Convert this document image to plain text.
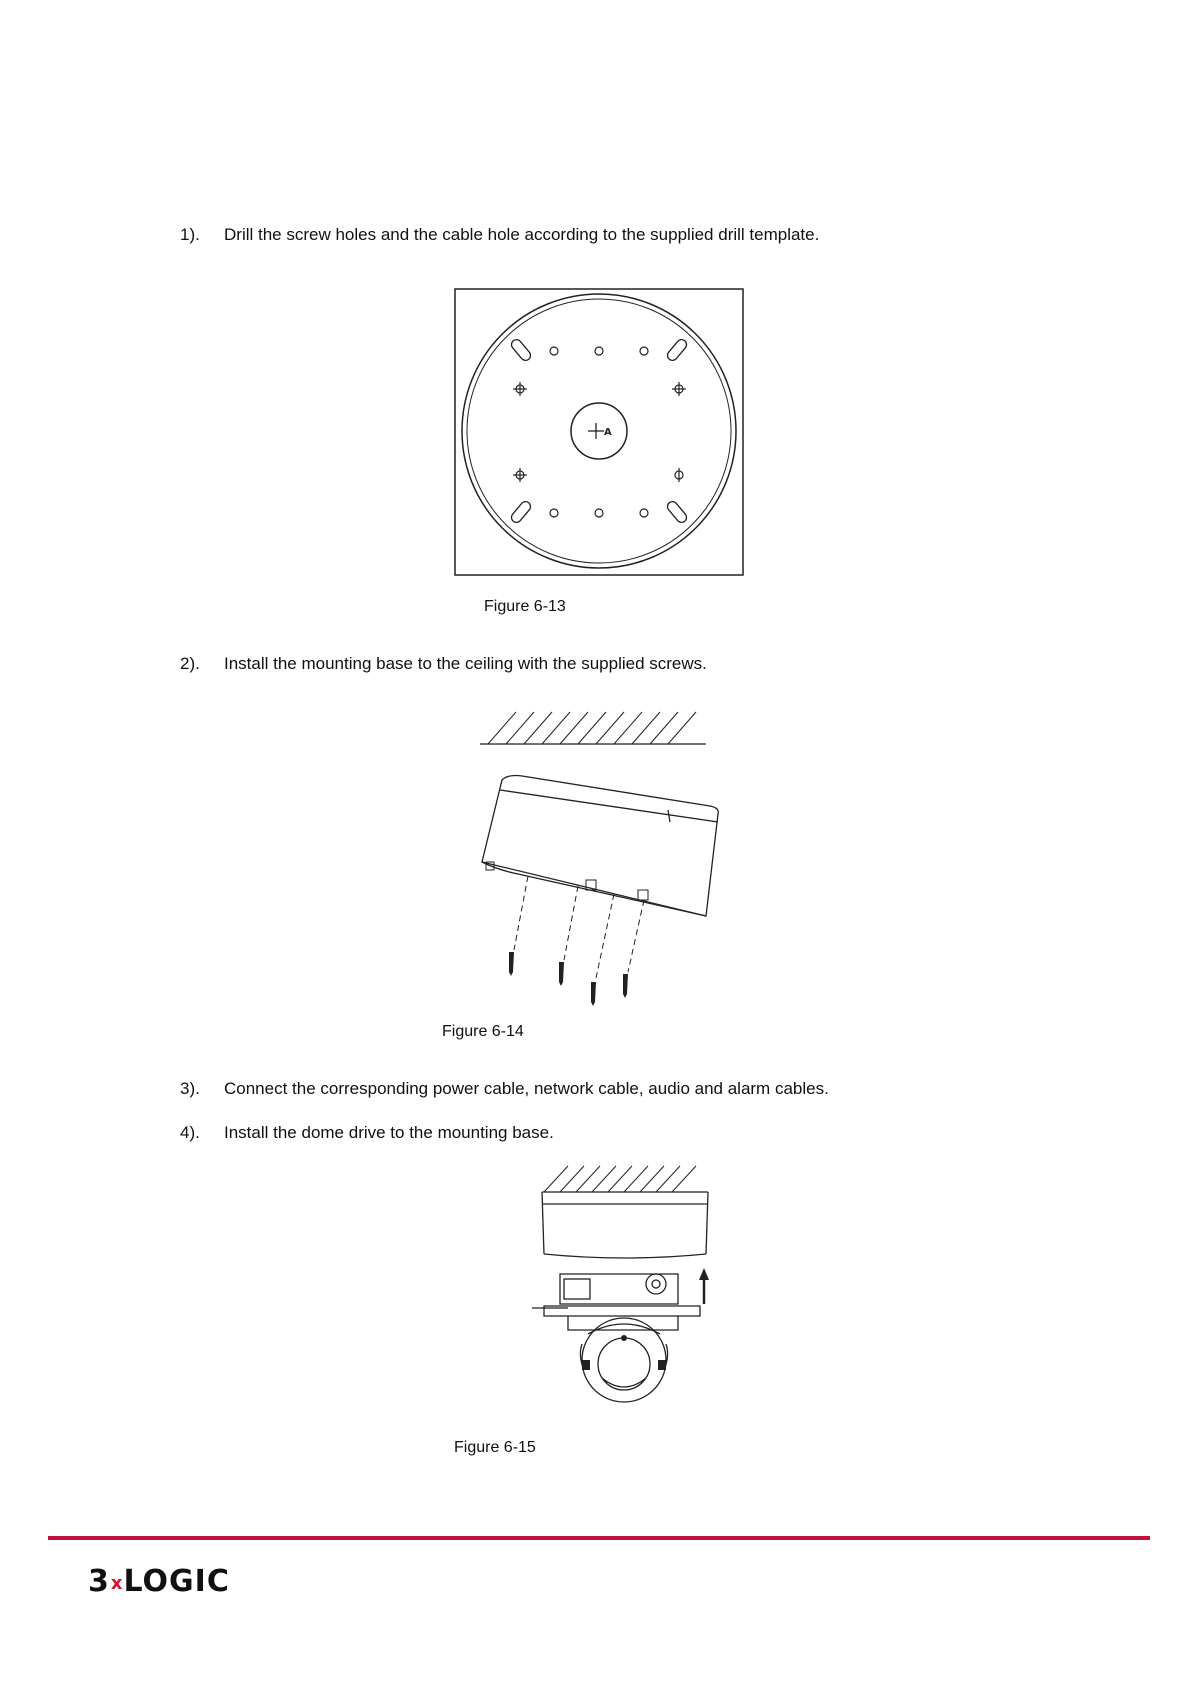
1). Drill the screw holes and the cable hole according to the supplied drill template.
A
Figure 6-13
2). Install the mounting base to the ceiling with the supplied screws.
Figure 6-14
3). Connect the corresponding power cable, network cable, audio and alarm cables.
4). Install the dome drive to the mounting base.
Figure 6-15
3xLOGIC
